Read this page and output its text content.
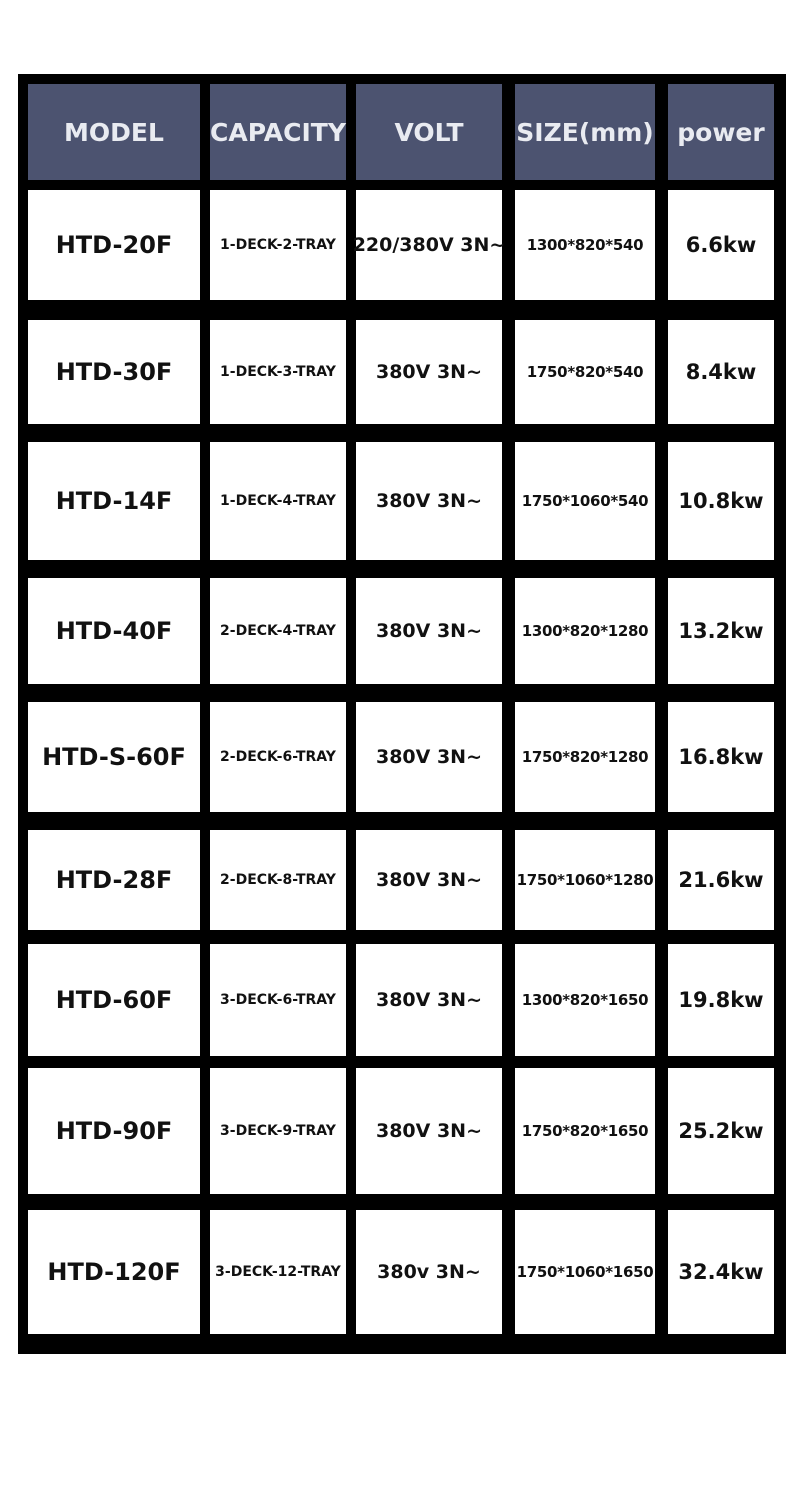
MODEL CAPACITY VOLT SIZE(mm) power
HTD-20F	1-DECK-2-TRAY 220/380V 3N~ 1300*820*540 6.6kw
HTD-30F	1-DECK-3-TRAY 380V 3N~	1750*820*540 8.4kw
HTD-14F	1-DECK-4-TRAY 380V 3N~	1750*1060*540 10.8kw
HTD-40F	2-DECK-4-TRAY 380V 3N~	1300*820*1280 13.2kw
HTD-S-60F 2-DECK-6-TRAY 380V 3N~	1750*820*1280 16.8kw
HTD-28F	2-DECK-8-TRAY 380V 3N~ 1750*1060*1280 21.6kw
HTD-60F	3-DECK-6-TRAY 380V 3N~	1300*820*1650 19.8kw
HTD-90F	3-DECK-9-TRAY 380V 3N~	1750*820*1650 25.2kw
HTD-120F 3-DECK-12-TRAY 380v 3N~ 1750*1060*1650 32.4kw
